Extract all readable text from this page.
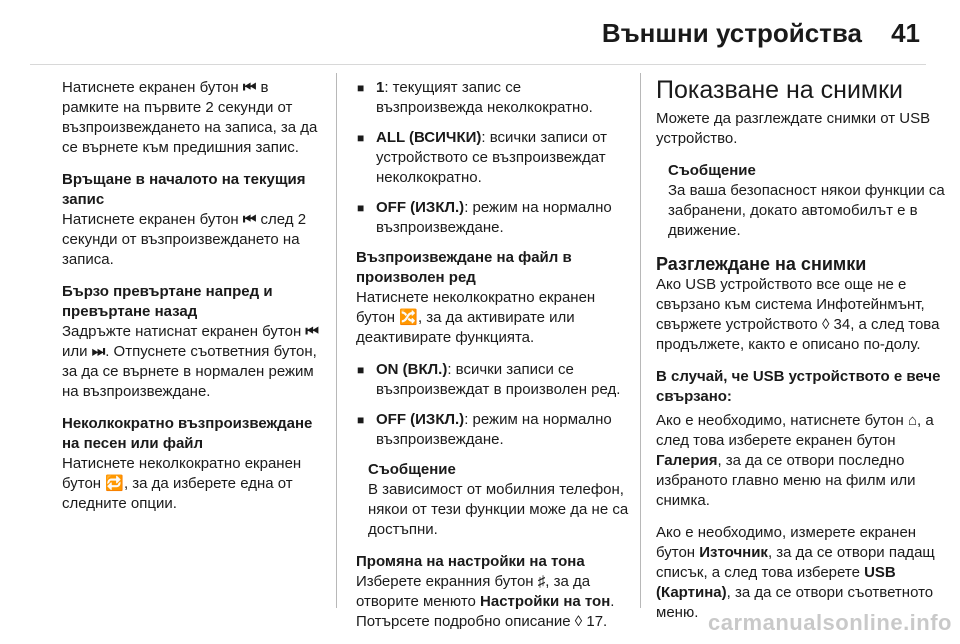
Външни устройства 41

Натиснете екранен бутон ⏮ в рамките на първите 2 секунди от възпроизвеждането на записа, за да се върнете към предишния запис.

Връщане в началото на текущия запис
Натиснете екранен бутон ⏮ след 2 секунди от възпроизвеждането на записа.

Бързо превъртане напред и превъртане назад
Задръжте натиснат екранен бутон ⏮ или ⏭. Отпуснете съответния бутон, за да се върнете в нормален режим на възпроизвеждане.

Неколкократно възпроизвеждане на песен или файл
Натиснете неколкократно екранен бутон 🔁, за да изберете една от следните опции.

■ 1: текущият запис се възпроизвежда неколкократно.
■ ALL (ВСИЧКИ): всички записи от устройството се възпроизвеждат неколкократно.
■ OFF (ИЗКЛ.): режим на нормално възпроизвеждане.

Възпроизвеждане на файл в произволен ред
Натиснете неколкократно екранен бутон 🔀, за да активирате или деактивирате функцията.

■ ON (ВКЛ.): всички записи се възпроизвеждат в произволен ред.
■ OFF (ИЗКЛ.): режим на нормално възпроизвеждане.
Съобщение
В зависимост от мобилния телефон, някои от тези функции може да не са достъпни.

Промяна на настройки на тона
Изберете екранния бутон ♯, за да отворите менюто Настройки на тон. Потърсете подробно описание ◊ 17.

Показване на снимки

Можете да разглеждате снимки от USB устройство.

Съобщение
За ваша безопасност някои функции са забранени, докато автомобилът е в движение.
Разглеждане на снимки

Ако USB устройството все още не е свързано към система Инфотейнмънт, свържете устройството ◊ 34, а след това продължете, както е описано по-долу.

В случай, че USB устройството е вече свързано:

Ако е необходимо, натиснете бутон ⌂, а след това изберете екранен бутон Галерия, за да се отвори последно избраното главно меню на филм или снимка.

Ако е необходимо, измерете екранен бутон Източник, за да се отвори падащ списък, а след това изберете USB (Картина), за да се отвори съответното меню. carmanualsonline.info
